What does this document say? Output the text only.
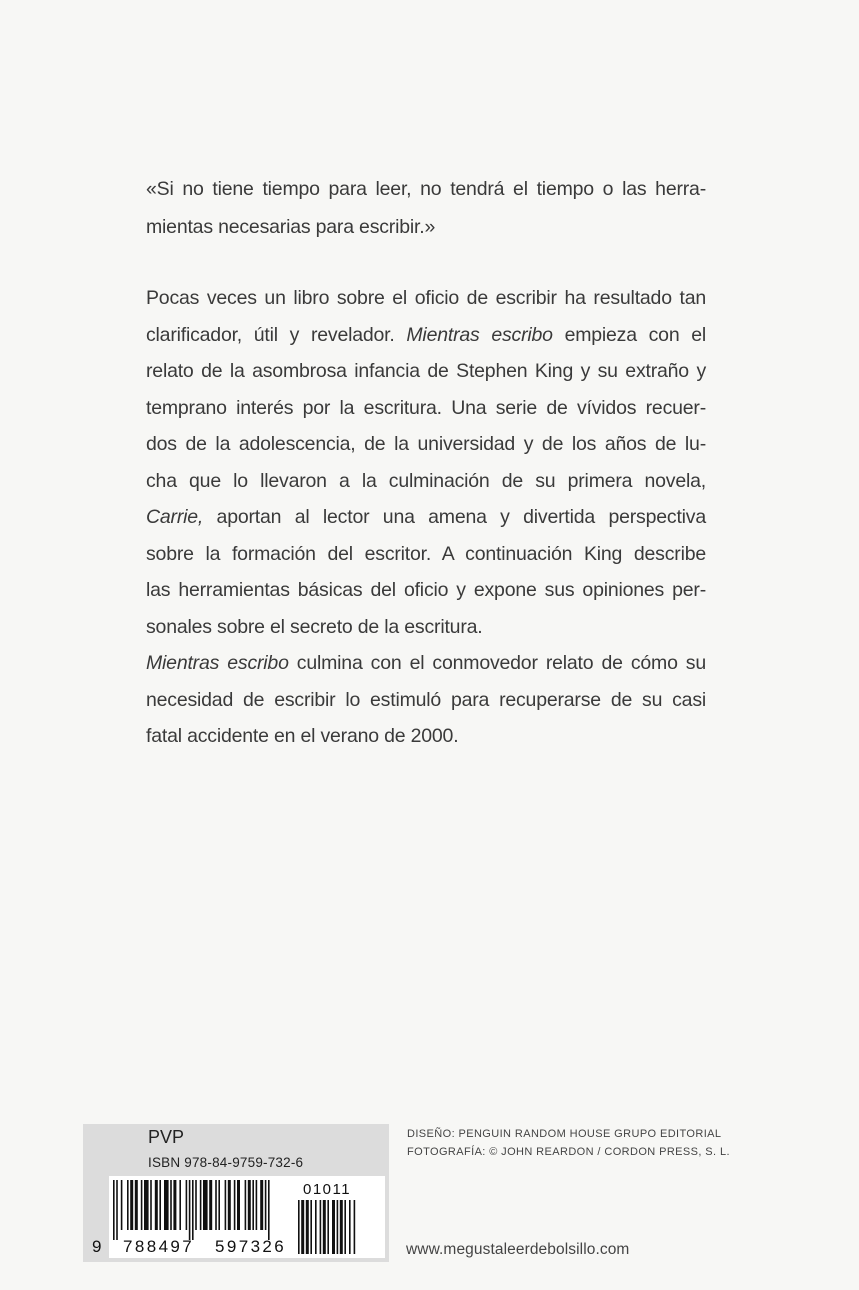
«Si no tiene tiempo para leer, no tendrá el tiempo o las herra-
mientas necesarias para escribir.»
Pocas veces un libro sobre el oficio de escribir ha resultado tan
clarificador, útil y revelador. Mientras escribo empieza con el
relato de la asombrosa infancia de Stephen King y su extraño y
temprano interés por la escritura. Una serie de vívidos recuer-
dos de la adolescencia, de la universidad y de los años de lu-
cha que lo llevaron a la culminación de su primera novela,
Carrie, aportan al lector una amena y divertida perspectiva
sobre la formación del escritor. A continuación King describe
las herramientas básicas del oficio y expone sus opiniones per-
sonales sobre el secreto de la escritura.
Mientras escribo culmina con el conmovedor relato de cómo su
necesidad de escribir lo estimuló para recuperarse de su casi
fatal accidente en el verano de 2000.
PVP
ISBN 978-84-9759-732-6
9 788497 597326
01011
DISEÑO: PENGUIN RANDOM HOUSE GRUPO EDITORIAL
FOTOGRAFÍA: © JOHN REARDON / CORDON PRESS, S. L.
www.megustaleerdebolsillo.com
